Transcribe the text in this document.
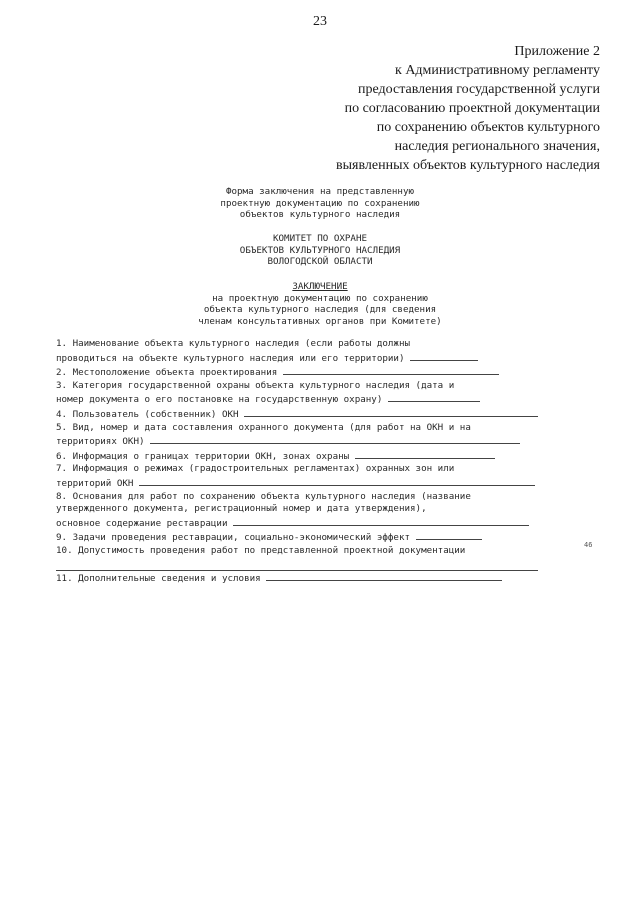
23
Приложение 2
к Административному регламенту
предоставления государственной услуги
по согласованию проектной документации
по сохранению объектов культурного
наследия регионального значения,
выявленных объектов культурного наследия
Форма заключения на представленную
проектную документацию по сохранению
объектов культурного наследия
КОМИТЕТ ПО ОХРАНЕ
ОБЪЕКТОВ КУЛЬТУРНОГО НАСЛЕДИЯ
ВОЛОГОДСКОЙ ОБЛАСТИ
ЗАКЛЮЧЕНИЕ
на проектную документацию по сохранению
объекта культурного наследия (для сведения
членам консультативных органов при Комитете)
1. Наименование объекта культурного наследия (если работы должны
проводиться на объекте культурного наследия или его территории)
2. Местоположение объекта проектирования
3. Категория государственной охраны объекта культурного наследия (дата и
номер документа о его постановке на государственную охрану)
4. Пользователь (собственник) ОКН
5. Вид, номер и дата составления охранного документа (для работ на ОКН и на
территориях ОКН)
6. Информация о границах территории ОКН, зонах охраны
7. Информация о режимах (градостроительных регламентах) охранных зон или
территорий ОКН
8. Основания для работ по сохранению объекта культурного наследия (название
утвержденного документа, регистрационный номер и дата утверждения),
основное содержание реставрации
9. Задачи проведения реставрации, социально-экономический эффект
10. Допустимость проведения работ по представленной проектной документации
11. Дополнительные сведения и условия
46
